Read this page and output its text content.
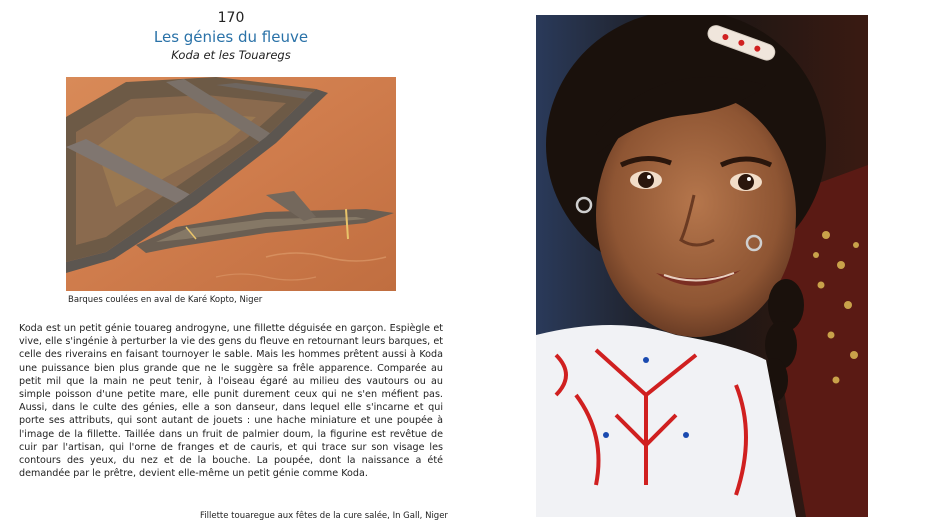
170
Les génies du fleuve
Koda et les Touaregs
Barques coulées en aval de Karé Kopto, Niger

Koda est un petit génie touareg androgyne, une fillette déguisée en garçon. Espiègle et vive, elle s'ingénie à perturber la vie des gens du fleuve en retournant leurs barques, et celle des riverains en faisant tournoyer le sable. Mais les hommes prêtent aussi à Koda une puissance bien plus grande que ne le suggère sa frêle apparence. Comparée au petit mil que la main ne peut tenir, à l'oiseau égaré au milieu des vautours ou au simple poisson d'une petite mare, elle punit durement ceux qui ne s'en méfient pas. Aussi, dans le culte des génies, elle a son danseur, dans lequel elle s'incarne et qui porte ses attributs, qui sont autant de jouets : une hache miniature et une poupée à l'image de la fillette. Taillée dans un fruit de palmier doum, la figurine est revêtue de cuir par l'artisan, qui l'orne de franges et de cauris, et qui trace sur son visage les contours des yeux, du nez et de la bouche. La poupée, dont la naissance a été demandée par le prêtre, devient elle-même un petit génie comme Koda.

Fillette touaregue aux fêtes de la cure salée, In Gall, Niger
